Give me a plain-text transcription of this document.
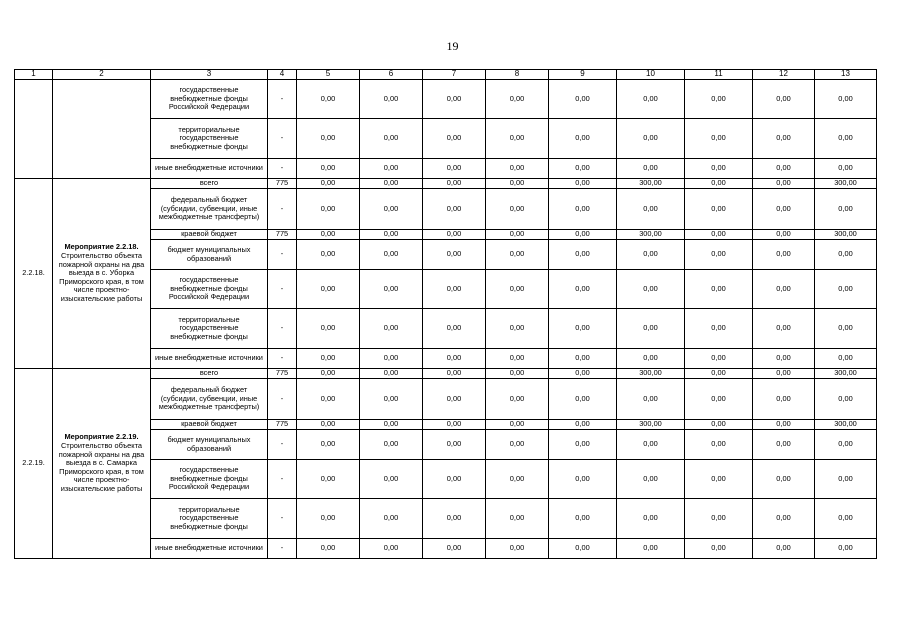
19
1	2	3	4	5	6	7	8	9	10	11	12	13
		государственные внебюджетные фонды Российской Федерации	-	0,00	0,00	0,00	0,00	0,00	0,00	0,00	0,00	0,00
		территориальные государственные внебюджетные фонды	-	0,00	0,00	0,00	0,00	0,00	0,00	0,00	0,00	0,00
		иные внебюджетные источники	-	0,00	0,00	0,00	0,00	0,00	0,00	0,00	0,00	0,00
2.2.18.	Мероприятие 2.2.18. Строительство объекта пожарной охраны на два выезда в с. Уборка Приморского края, в том числе проектно-изыскательские работы	всего	775	0,00	0,00	0,00	0,00	0,00	300,00	0,00	0,00	300,00
		федеральный бюджет (субсидии, субвенции, иные межбюджетные трансферты)	-	0,00	0,00	0,00	0,00	0,00	0,00	0,00	0,00	0,00
		краевой бюджет	775	0,00	0,00	0,00	0,00	0,00	300,00	0,00	0,00	300,00
		бюджет муниципальных образований	-	0,00	0,00	0,00	0,00	0,00	0,00	0,00	0,00	0,00
		государственные внебюджетные фонды Российской Федерации	-	0,00	0,00	0,00	0,00	0,00	0,00	0,00	0,00	0,00
		территориальные государственные внебюджетные фонды	-	0,00	0,00	0,00	0,00	0,00	0,00	0,00	0,00	0,00
		иные внебюджетные источники	-	0,00	0,00	0,00	0,00	0,00	0,00	0,00	0,00	0,00
2.2.19.	Мероприятие 2.2.19. Строительство объекта пожарной охраны на два выезда в с. Самарка Приморского края, в том числе проектно-изыскательские работы	всего	775	0,00	0,00	0,00	0,00	0,00	300,00	0,00	0,00	300,00
		федеральный бюджет (субсидии, субвенции, иные межбюджетные трансферты)	-	0,00	0,00	0,00	0,00	0,00	0,00	0,00	0,00	0,00
		краевой бюджет	775	0,00	0,00	0,00	0,00	0,00	300,00	0,00	0,00	300,00
		бюджет муниципальных образований	-	0,00	0,00	0,00	0,00	0,00	0,00	0,00	0,00	0,00
		государственные внебюджетные фонды Российской Федерации	-	0,00	0,00	0,00	0,00	0,00	0,00	0,00	0,00	0,00
		территориальные государственные внебюджетные фонды	-	0,00	0,00	0,00	0,00	0,00	0,00	0,00	0,00	0,00
		иные внебюджетные источники	-	0,00	0,00	0,00	0,00	0,00	0,00	0,00	0,00	0,00
